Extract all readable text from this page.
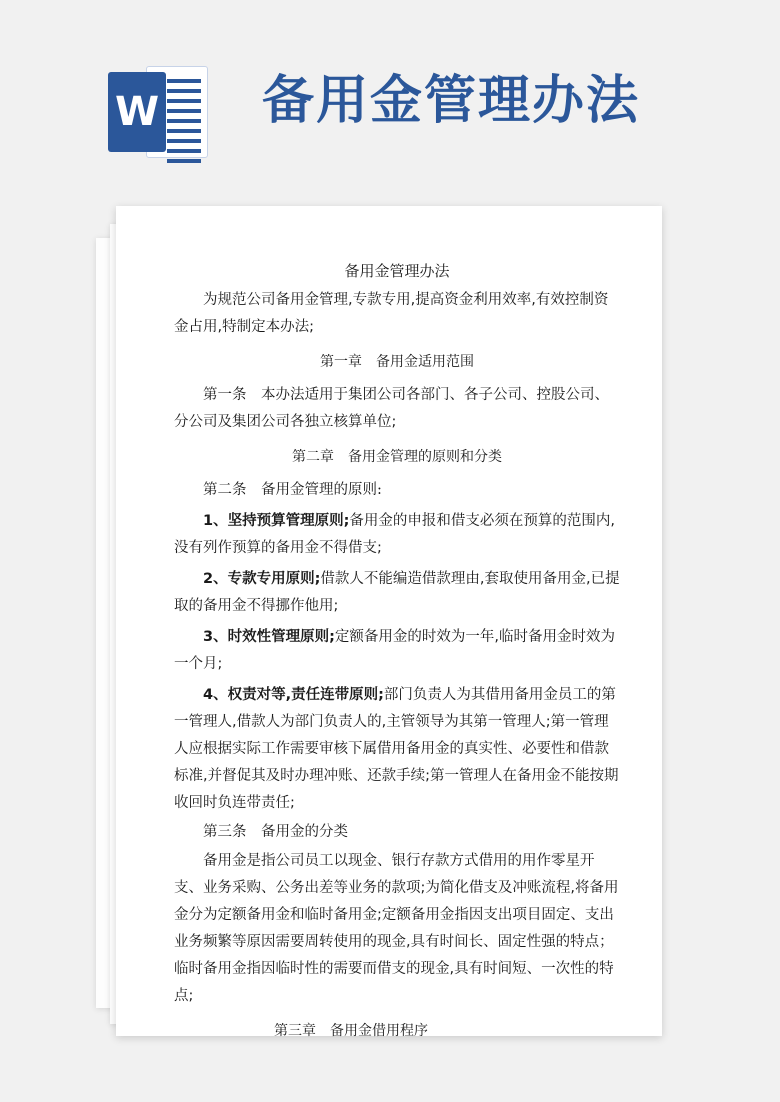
W 备用金管理办法

备用金管理办法

为规范公司备用金管理,专款专用,提高资金利用效率,有效控制资金占用,特制定本办法;

第一章　备用金适用范围

第一条　 本办法适用于集团公司各部门、各子公司、控股公司、分公司及集团公司各独立核算单位;

第二章　备用金管理的原则和分类

第二条　备用金管理的原则:

1、坚持预算管理原则;备用金的申报和借支必须在预算的范围内,没有列作预算的备用金不得借支;

2、专款专用原则;借款人不能编造借款理由,套取使用备用金,已提取的备用金不得挪作他用;

3、时效性管理原则;定额备用金的时效为一年,临时备用金时效为一个月;

4、权责对等,责任连带原则;部门负责人为其借用备用金员工的第一管理人,借款人为部门负责人的,主管领导为其第一管理人;第一管理人应根据实际工作需要审核下属借用备用金的真实性、必要性和借款标准,并督促其及时办理冲账、还款手续;第一管理人在备用金不能按期收回时负连带责任;

第三条　备用金的分类

备用金是指公司员工以现金、银行存款方式借用的用作零星开支、业务采购、公务出差等业务的款项;为简化借支及冲账流程,将备用金分为定额备用金和临时备用金;定额备用金指因支出项目固定、支出业务频繁等原因需要周转使用的现金,具有时间长、固定性强的特点；临时备用金指因临时性的需要而借支的现金,具有时间短、一次性的特点;

第三章　备用金借用程序
